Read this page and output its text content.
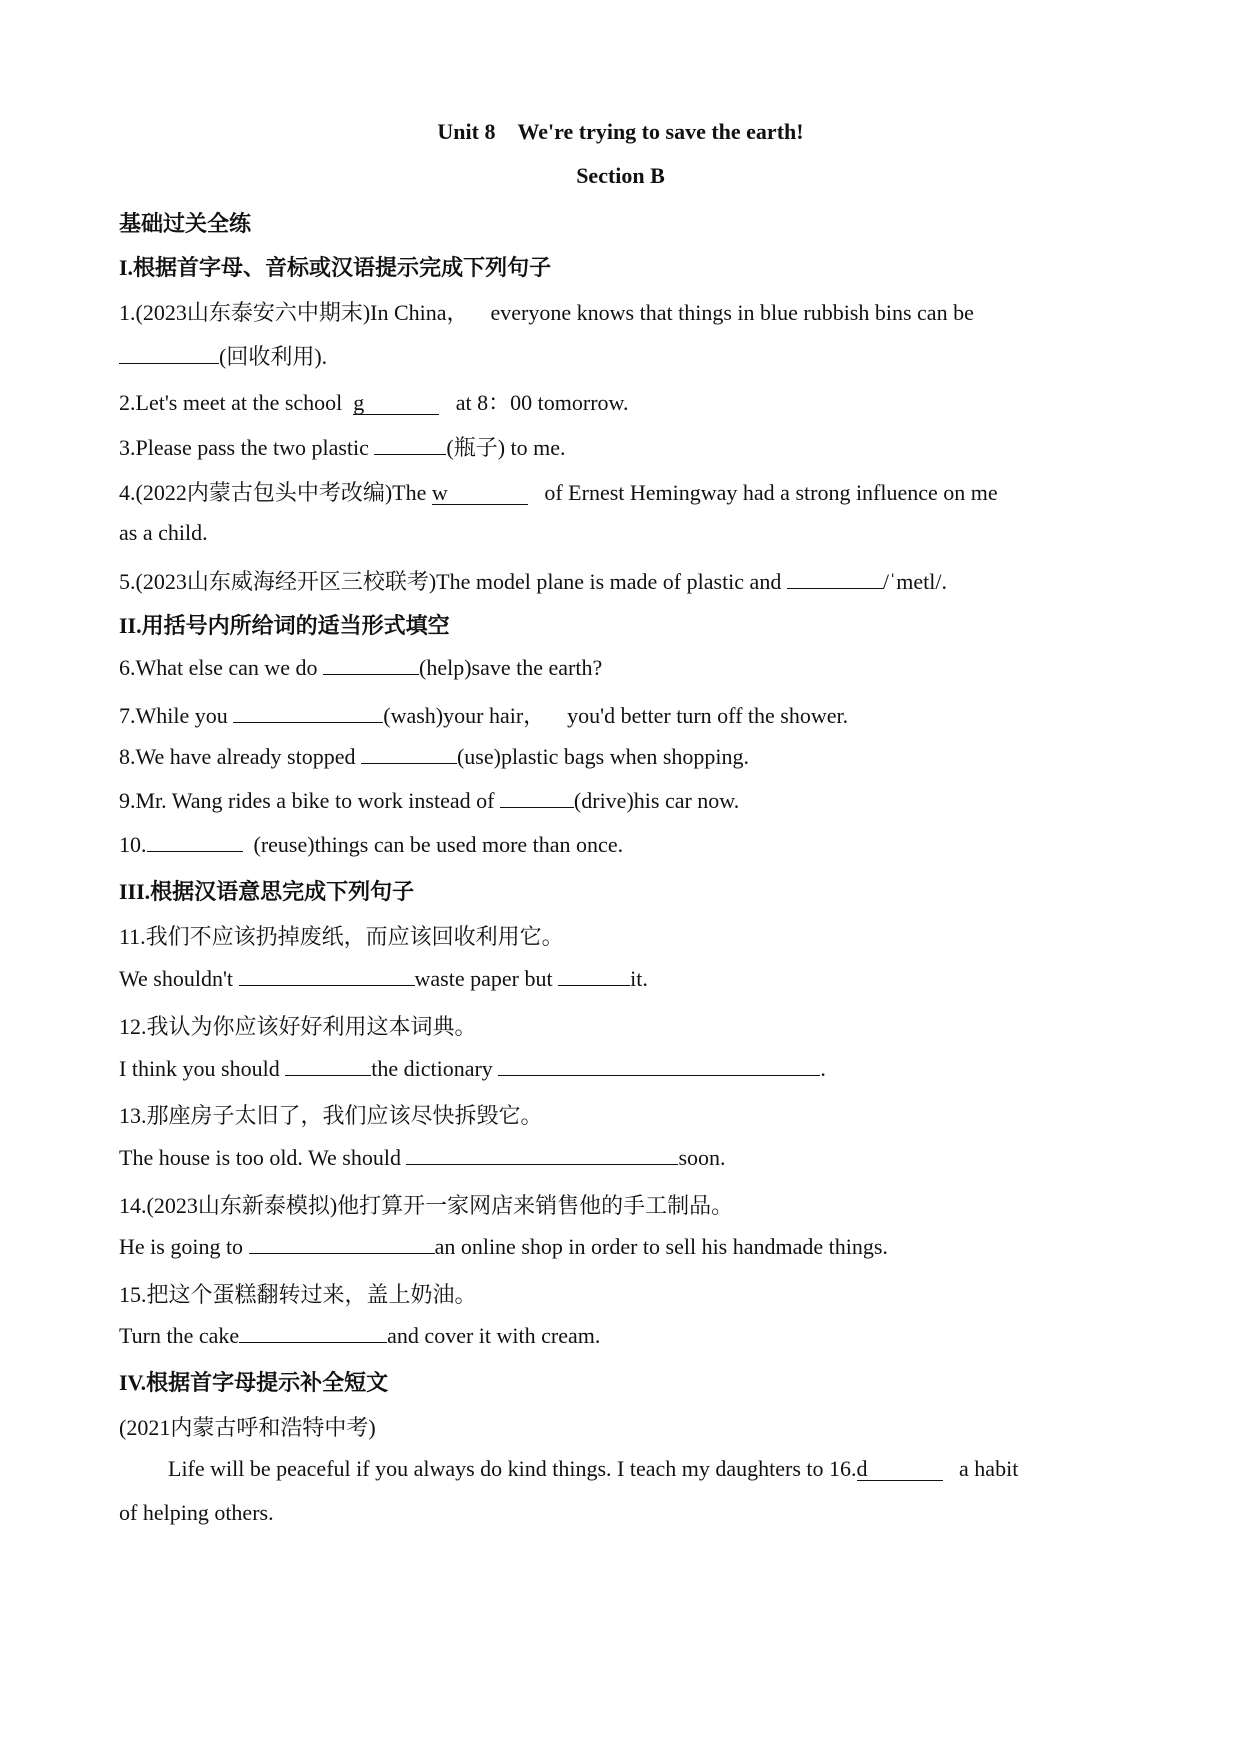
Unit 8 We're trying to save the earth!
Section B
基础过关全练
I.根据首字母、音标或汉语提示完成下列句子
1.(2023山东泰安六中期末)In China， everyone knows that things in blue rubbish bins can be
(回收利用).
2.Let's meet at the school g	at 8：00 tomorrow.
3.Please pass the two plastic	(瓶子) to me.
4.(2022内蒙古包头中考改编)The w	of Ernest Hemingway had a strong influence on me
as a child.
5.(2023山东威海经开区三校联考)The model plane is made of plastic and	/ˈmetl/.
II.用括号内所给词的适当形式填空
6.What else can we do	(help)save the earth?
7.While you	(wash)your hair， you'd better turn off the shower.
8.We have already stopped	(use)plastic bags when shopping.
9.Mr. Wang rides a bike to work instead of	(drive)his car now.
10.	(reuse)things can be used more than once.
III.根据汉语意思完成下列句子
11.我们不应该扔掉废纸，而应该回收利用它。
We shouldn't	waste paper but	it.
12.我认为你应该好好利用这本词典。
I think you should	the dictionary	.
13.那座房子太旧了，我们应该尽快拆毁它。
The house is too old. We should	soon.
14.(2023山东新泰模拟)他打算开一家网店来销售他的手工制品。
He is going to	an online shop in order to sell his handmade things.
15.把这个蛋糕翻转过来，盖上奶油。
Turn the cake	and cover it with cream.
IV.根据首字母提示补全短文
(2021内蒙古呼和浩特中考)
Life will be peaceful if you always do kind things. I teach my daughters to 16.d	a habit
of helping others.
